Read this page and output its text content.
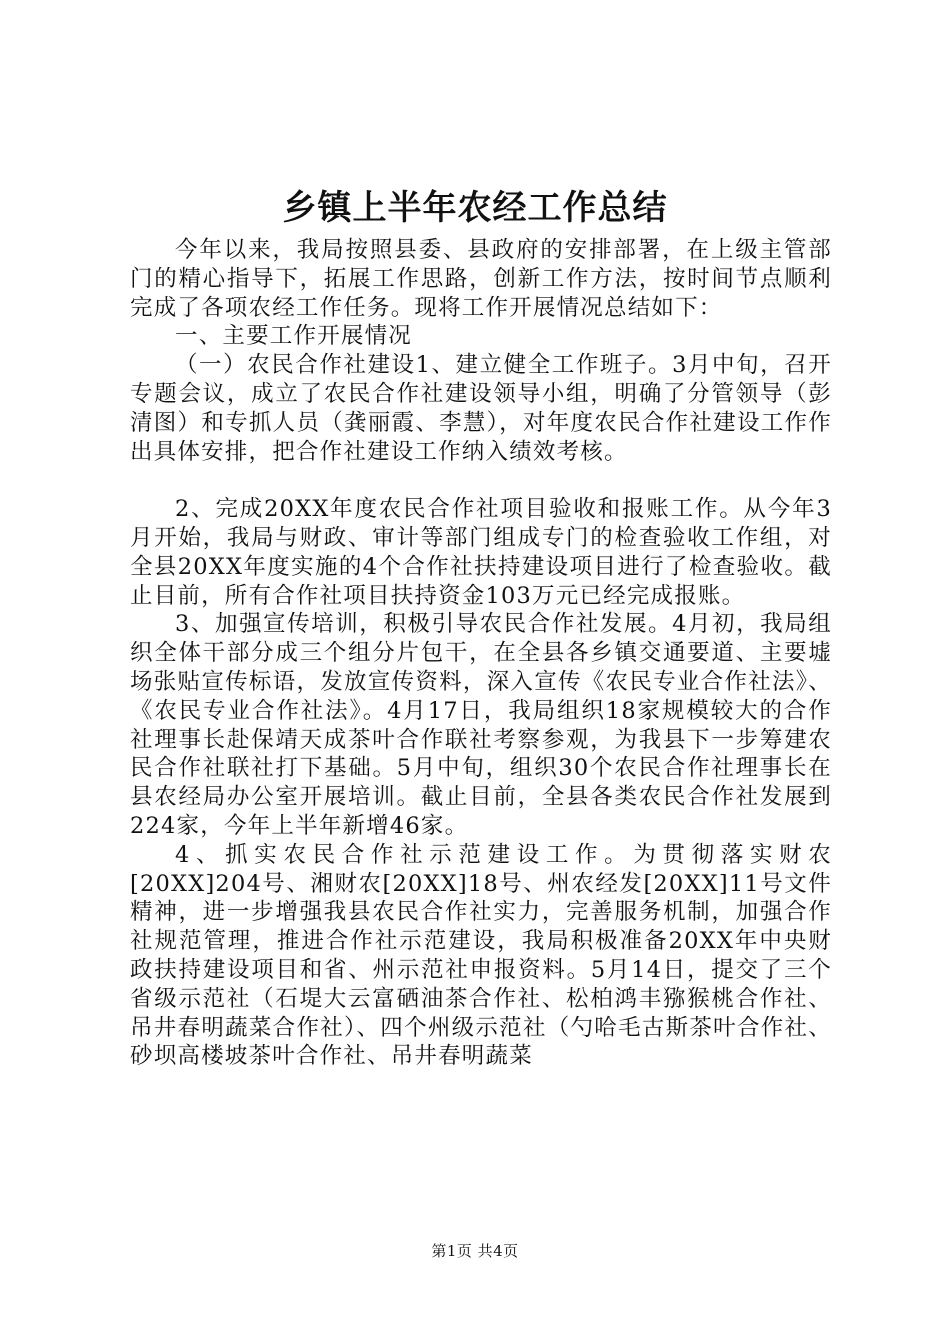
乡镇上半年农经工作总结

今年以来，我局按照县委、县政府的安排部署，在上级主管部门的精心指导下，拓展工作思路，创新工作方法，按时间节点顺利完成了各项农经工作任务。现将工作开展情况总结如下：

一、主要工作开展情况

（一）农民合作社建设1、建立健全工作班子。3月中旬，召开专题会议，成立了农民合作社建设领导小组，明确了分管领导（彭清图）和专抓人员（龚丽霞、李慧），对年度农民合作社建设工作作出具体安排，把合作社建设工作纳入绩效考核。

2、完成20XX年度农民合作社项目验收和报账工作。从今年3月开始，我局与财政、审计等部门组成专门的检查验收工作组，对全县20XX年度实施的4个合作社扶持建设项目进行了检查验收。截止目前，所有合作社项目扶持资金103万元已经完成报账。

3、加强宣传培训，积极引导农民合作社发展。4月初，我局组织全体干部分成三个组分片包干，在全县各乡镇交通要道、主要墟场张贴宣传标语，发放宣传资料，深入宣传《农民专业合作社法》、《农民专业合作社法》。4月17日，我局组织18家规模较大的合作社理事长赴保靖天成茶叶合作联社考察参观，为我县下一步筹建农民合作社联社打下基础。5月中旬，组织30个农民合作社理事长在县农经局办公室开展培训。截止目前，全县各类农民合作社发展到224家，今年上半年新增46家。

4、抓实农民合作社示范建设工作。为贯彻落实财农[20XX]204号、湘财农[20XX]18号、州农经发[20XX]11号文件精神，进一步增强我县农民合作社实力，完善服务机制，加强合作社规范管理，推进合作社示范建设，我局积极准备20XX年中央财政扶持建设项目和省、州示范社申报资料。5月14日，提交了三个省级示范社（石堤大云富硒油茶合作社、松柏鸿丰猕猴桃合作社、吊井春明蔬菜合作社）、四个州级示范社（勺哈毛古斯茶叶合作社、砂坝高楼坡茶叶合作社、吊井春明蔬菜

第1页 共4页
